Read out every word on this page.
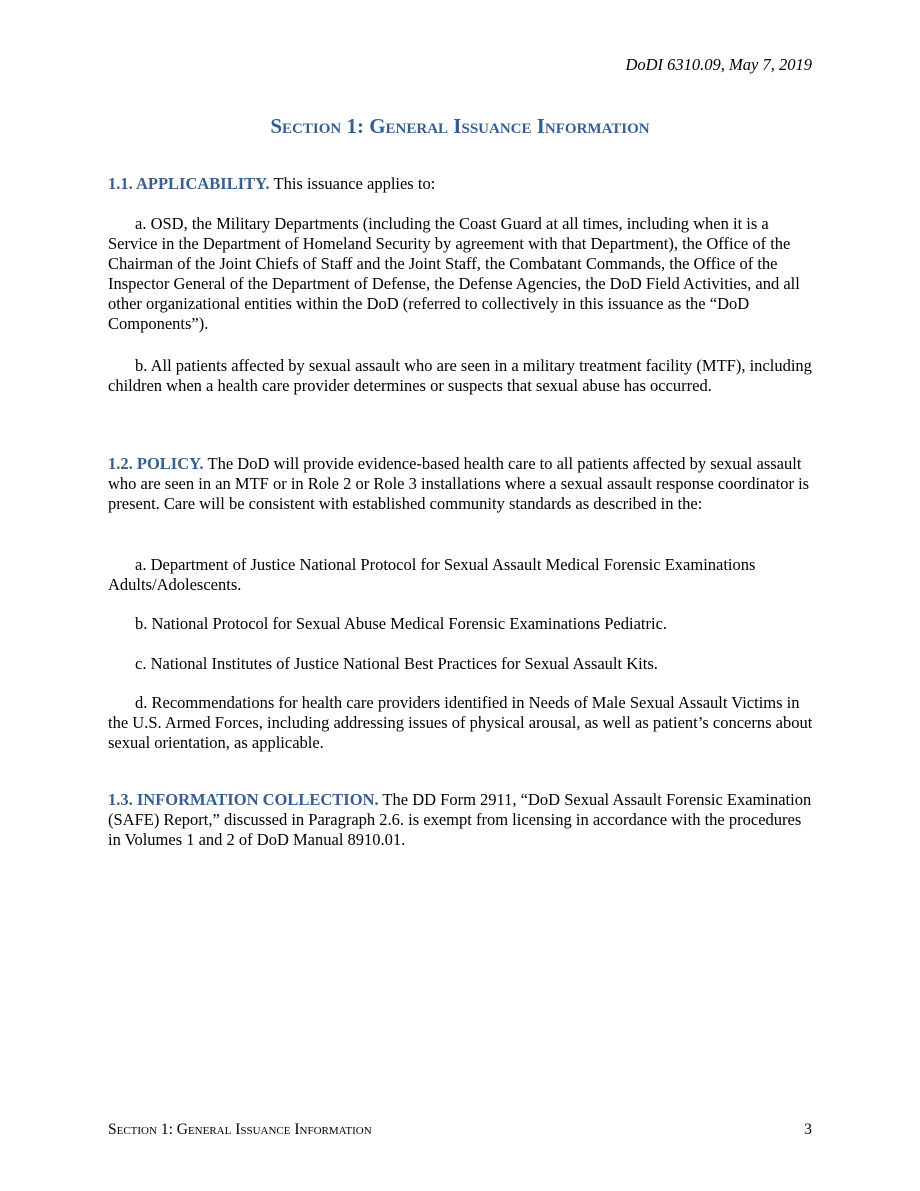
DoDI 6310.09, May 7, 2019
Section 1: General Issuance Information

1.1. APPLICABILITY. This issuance applies to:

a. OSD, the Military Departments (including the Coast Guard at all times, including when it is a Service in the Department of Homeland Security by agreement with that Department), the Office of the Chairman of the Joint Chiefs of Staff and the Joint Staff, the Combatant Commands, the Office of the Inspector General of the Department of Defense, the Defense Agencies, the DoD Field Activities, and all other organizational entities within the DoD (referred to collectively in this issuance as the “DoD Components”).

b. All patients affected by sexual assault who are seen in a military treatment facility (MTF), including children when a health care provider determines or suspects that sexual abuse has occurred.

1.2. POLICY. The DoD will provide evidence-based health care to all patients affected by sexual assault who are seen in an MTF or in Role 2 or Role 3 installations where a sexual assault response coordinator is present. Care will be consistent with established community standards as described in the:

a. Department of Justice National Protocol for Sexual Assault Medical Forensic Examinations Adults/Adolescents.

b. National Protocol for Sexual Abuse Medical Forensic Examinations Pediatric.

c. National Institutes of Justice National Best Practices for Sexual Assault Kits.

d. Recommendations for health care providers identified in Needs of Male Sexual Assault Victims in the U.S. Armed Forces, including addressing issues of physical arousal, as well as patient’s concerns about sexual orientation, as applicable.

1.3. INFORMATION COLLECTION. The DD Form 2911, “DoD Sexual Assault Forensic Examination (SAFE) Report,” discussed in Paragraph 2.6. is exempt from licensing in accordance with the procedures in Volumes 1 and 2 of DoD Manual 8910.01.

Section 1: General Issuance Information	3
